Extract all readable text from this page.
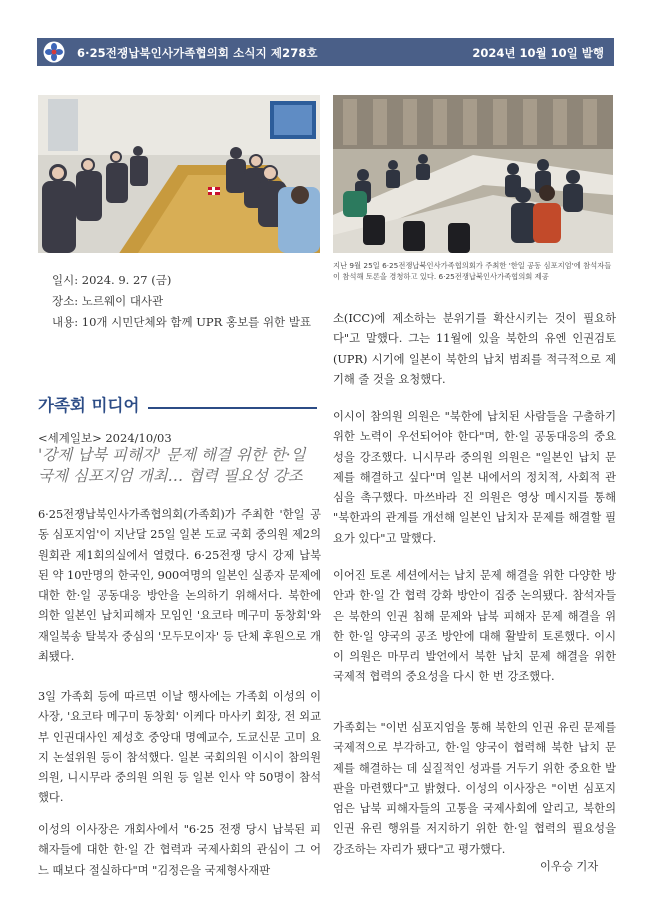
6·25전쟁납북인사가족협의회 소식지 제278호	2024년 10월 10일 발행
지난 9월 25일 6·25전쟁납북인사가족협의회가 주최한 '한일 공동 심포지엄'에 참석자들이 참석해 토론을 경청하고 있다. 6·25전쟁납북인사가족협의회 제공
일시: 2024. 9. 27 (금)
장소: 노르웨이 대사관
내용: 10개 시민단체와 함께 UPR 홍보를 위한 발표
가족회 미디어
<세계일보> 2024/10/03
'강제 납북 피해자' 문제 해결 위한 한·일
국제 심포지엄 개최… 협력 필요성 강조
6·25전쟁납북인사가족협의회(가족회)가 주최한 '한일 공동 심포지엄'이 지난달 25일 일본 도쿄 국회 중의원 제2의원회관 제1회의실에서 열렸다. 6·25전쟁 당시 강제 납북된 약 10만명의 한국인, 900여명의 일본인 실종자 문제에 대한 한·일 공동대응 방안을 논의하기 위해서다. 북한에 의한 일본인 납치피해자 모임인 '요코타 메구미 동창회'와 재일북송 탈북자 중심의 '모두모이자' 등 단체 후원으로 개최됐다.
3일 가족회 등에 따르면 이날 행사에는 가족회 이성의 이사장, '요코타 메구미 동창회' 이케다 마사키 회장, 전 외교부 인권대사인 제성호 중앙대 명예교수, 도쿄신문 고미 요지 논설위원 등이 참석했다. 일본 국회의원 이시이 참의원 의원, 니시무라 중의원 의원 등 일본 인사 약 50명이 참석했다.
이성의 이사장은 개회사에서 "6·25 전쟁 당시 납북된 피해자들에 대한 한·일 간 협력과 국제사회의 관심이 그 어느 때보다 절실하다"며 "김정은을 국제형사재판
소(ICC)에 제소하는 분위기를 확산시키는 것이 필요하다"고 말했다. 그는 11월에 있을 북한의 유엔 인권검토(UPR) 시기에 일본이 북한의 납치 범죄를 적극적으로 제기해 줄 것을 요청했다.
이시이 참의원 의원은 "북한에 납치된 사람들을 구출하기 위한 노력이 우선되어야 한다"며, 한·일 공동대응의 중요성을 강조했다. 니시무라 중의원 의원은 "일본인 납치 문제를 해결하고 싶다"며 일본 내에서의 정치적, 사회적 관심을 촉구했다. 마쓰바라 진 의원은 영상 메시지를 통해 "북한과의 관계를 개선해 일본인 납치자 문제를 해결할 필요가 있다"고 말했다.
이어진 토론 세션에서는 납치 문제 해결을 위한 다양한 방안과 한·일 간 협력 강화 방안이 집중 논의됐다. 참석자들은 북한의 인권 침해 문제와 납북 피해자 문제 해결을 위한 한·일 양국의 공조 방안에 대해 활발히 토론했다. 이시이 의원은 마무리 발언에서 북한 납치 문제 해결을 위한 국제적 협력의 중요성을 다시 한 번 강조했다.
가족회는 "이번 심포지엄을 통해 북한의 인권 유린 문제를 국제적으로 부각하고, 한·일 양국이 협력해 북한 납치 문제를 해결하는 데 실질적인 성과를 거두기 위한 중요한 발판을 마련했다"고 밝혔다. 이성의 이사장은 "이번 심포지엄은 납북 피해자들의 고통을 국제사회에 알리고, 북한의 인권 유린 행위를 저지하기 위한 한·일 협력의 필요성을 강조하는 자리가 됐다"고 평가했다.
이우승 기자
